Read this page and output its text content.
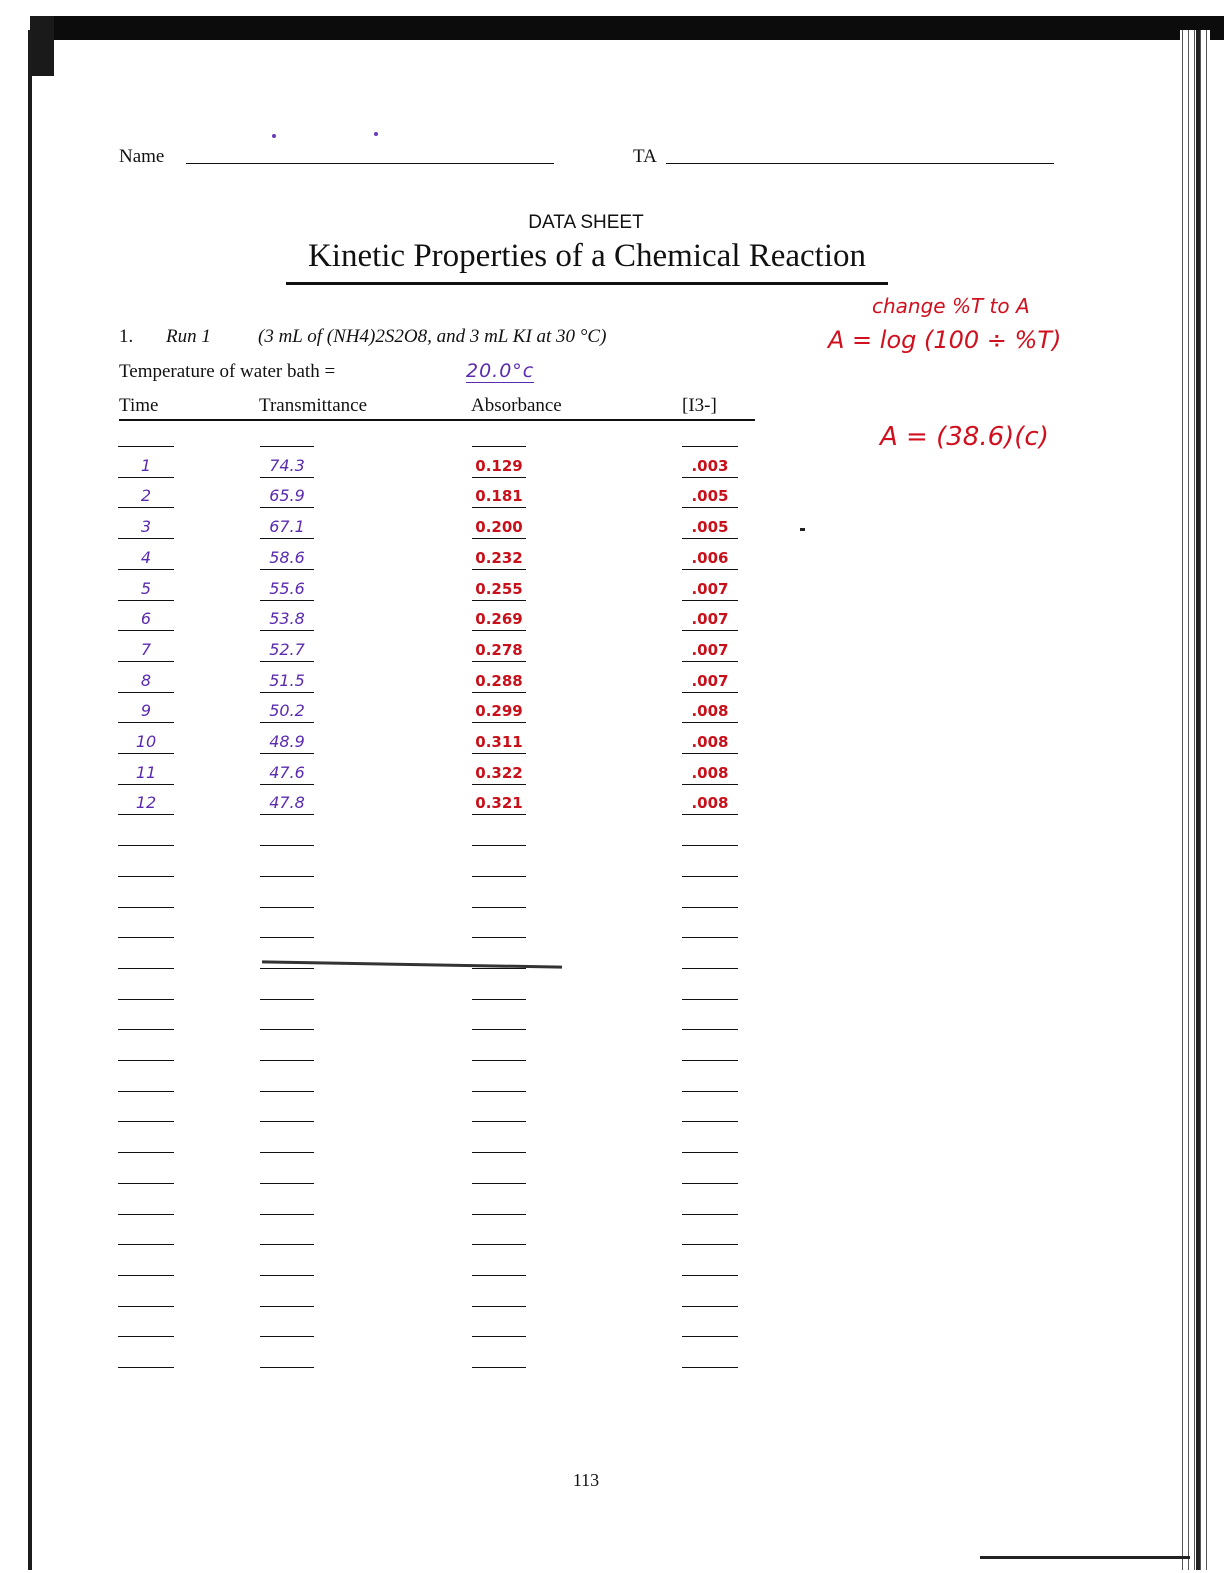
Name	TA
DATA SHEET
Kinetic Properties of a Chemical Reaction
1. Run 1 (3 mL of (NH4)2S2O8, and 3 mL KI at 30 °C)
Temperature of water bath =	20.0°c
Time	Transmittance	Absorbance	[I3-]
1	74.3	0.129	.003
2	65.9	0.181	.005
3	67.1	0.200	.005
4	58.6	0.232	.006
5	55.6	0.255	.007
6	53.8	0.269	.007
7	52.7	0.278	.007
8	51.5	0.288	.007
9	50.2	0.299	.008
10	48.9	0.311	.008
11	47.6	0.322	.008
12	47.8	0.321	.008
change %T to A
A = log (100 ÷ %T)
A = (38.6)(c)
113
